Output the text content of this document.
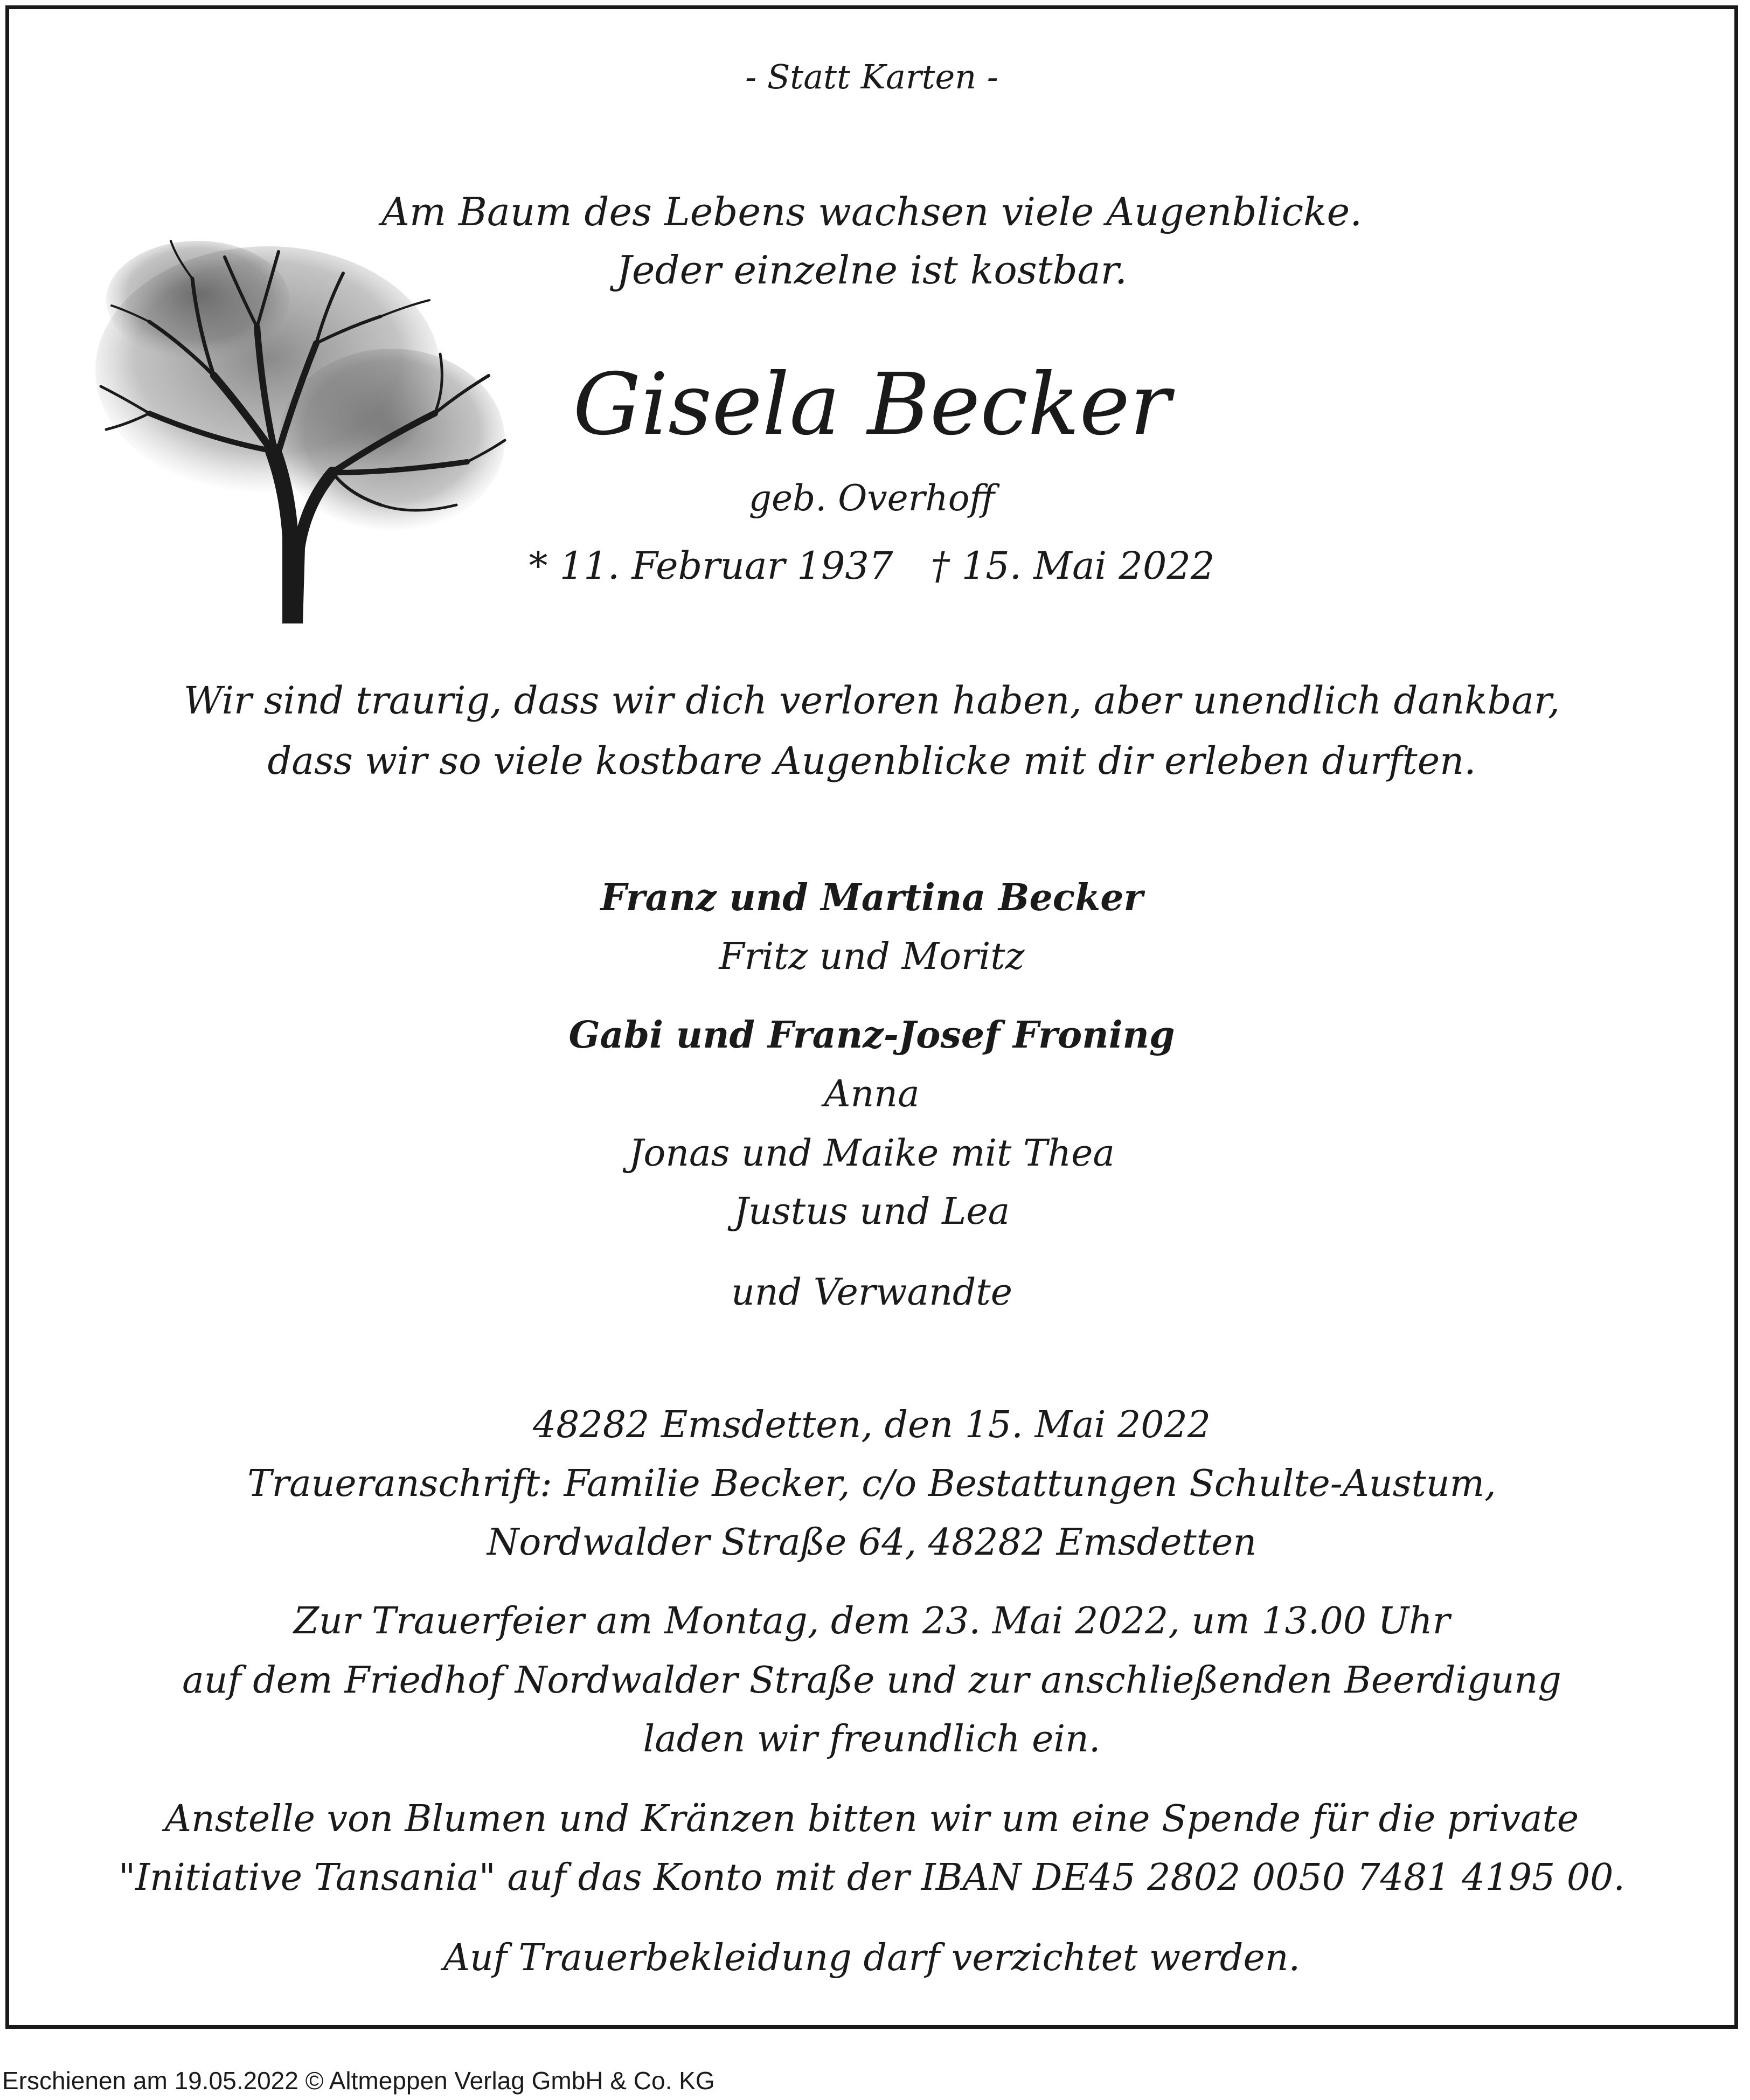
- Statt Karten -
Am Baum des Lebens wachsen viele Augenblicke.
Jeder einzelne ist kostbar.
Gisela Becker
geb. Overhoff
* 11. Februar 1937 † 15. Mai 2022
Wir sind traurig, dass wir dich verloren haben, aber unendlich dankbar,
dass wir so viele kostbare Augenblicke mit dir erleben durften.
Franz und Martina Becker
Fritz und Moritz
Gabi und Franz-Josef Froning
Anna
Jonas und Maike mit Thea
Justus und Lea
und Verwandte
48282 Emsdetten, den 15. Mai 2022
Traueranschrift: Familie Becker, c/o Bestattungen Schulte-Austum,
Nordwalder Straße 64, 48282 Emsdetten
Zur Trauerfeier am Montag, dem 23. Mai 2022, um 13.00 Uhr
auf dem Friedhof Nordwalder Straße und zur anschließenden Beerdigung
laden wir freundlich ein.
Anstelle von Blumen und Kränzen bitten wir um eine Spende für die private
"Initiative Tansania" auf das Konto mit der IBAN DE45 2802 0050 7481 4195 00.
Auf Trauerbekleidung darf verzichtet werden.
Erschienen am 19.05.2022 © Altmeppen Verlag GmbH & Co. KG
